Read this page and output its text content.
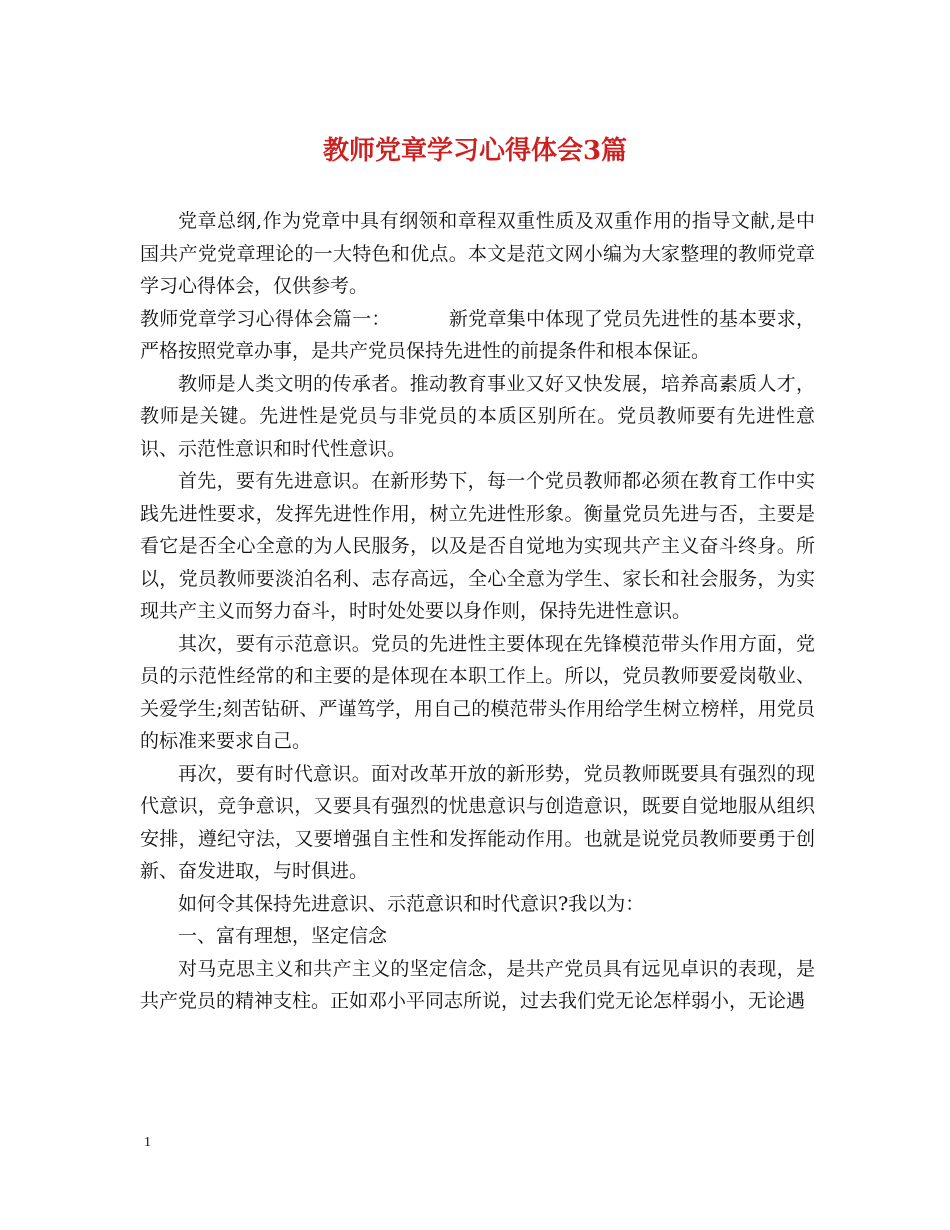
教师党章学习心得体会3篇

党章总纲,作为党章中具有纲领和章程双重性质及双重作用的指导文献,是中国共产党党章理论的一大特色和优点。本文是范文网小编为大家整理的教师党章学习心得体会，仅供参考。

教师党章学习心得体会篇一：	新党章集中体现了党员先进性的基本要求，严格按照党章办事，是共产党员保持先进性的前提条件和根本保证。

教师是人类文明的传承者。推动教育事业又好又快发展，培养高素质人才，教师是关键。先进性是党员与非党员的本质区别所在。党员教师要有先进性意识、示范性意识和时代性意识。

首先，要有先进意识。在新形势下，每一个党员教师都必须在教育工作中实践先进性要求，发挥先进性作用，树立先进性形象。衡量党员先进与否，主要是看它是否全心全意的为人民服务，以及是否自觉地为实现共产主义奋斗终身。所以，党员教师要淡泊名利、志存高远，全心全意为学生、家长和社会服务，为实现共产主义而努力奋斗，时时处处要以身作则，保持先进性意识。

其次，要有示范意识。党员的先进性主要体现在先锋模范带头作用方面，党员的示范性经常的和主要的是体现在本职工作上。所以，党员教师要爱岗敬业、关爱学生;刻苦钻研、严谨笃学，用自己的模范带头作用给学生树立榜样，用党员的标准来要求自己。

再次，要有时代意识。面对改革开放的新形势，党员教师既要具有强烈的现代意识，竞争意识，又要具有强烈的忧患意识与创造意识，既要自觉地服从组织安排，遵纪守法，又要增强自主性和发挥能动作用。也就是说党员教师要勇于创新、奋发进取，与时俱进。

如何令其保持先进意识、示范意识和时代意识?我以为：

一、富有理想，坚定信念

对马克思主义和共产主义的坚定信念，是共产党员具有远见卓识的表现，是共产党员的精神支柱。正如邓小平同志所说，过去我们党无论怎样弱小，无论遇

1
